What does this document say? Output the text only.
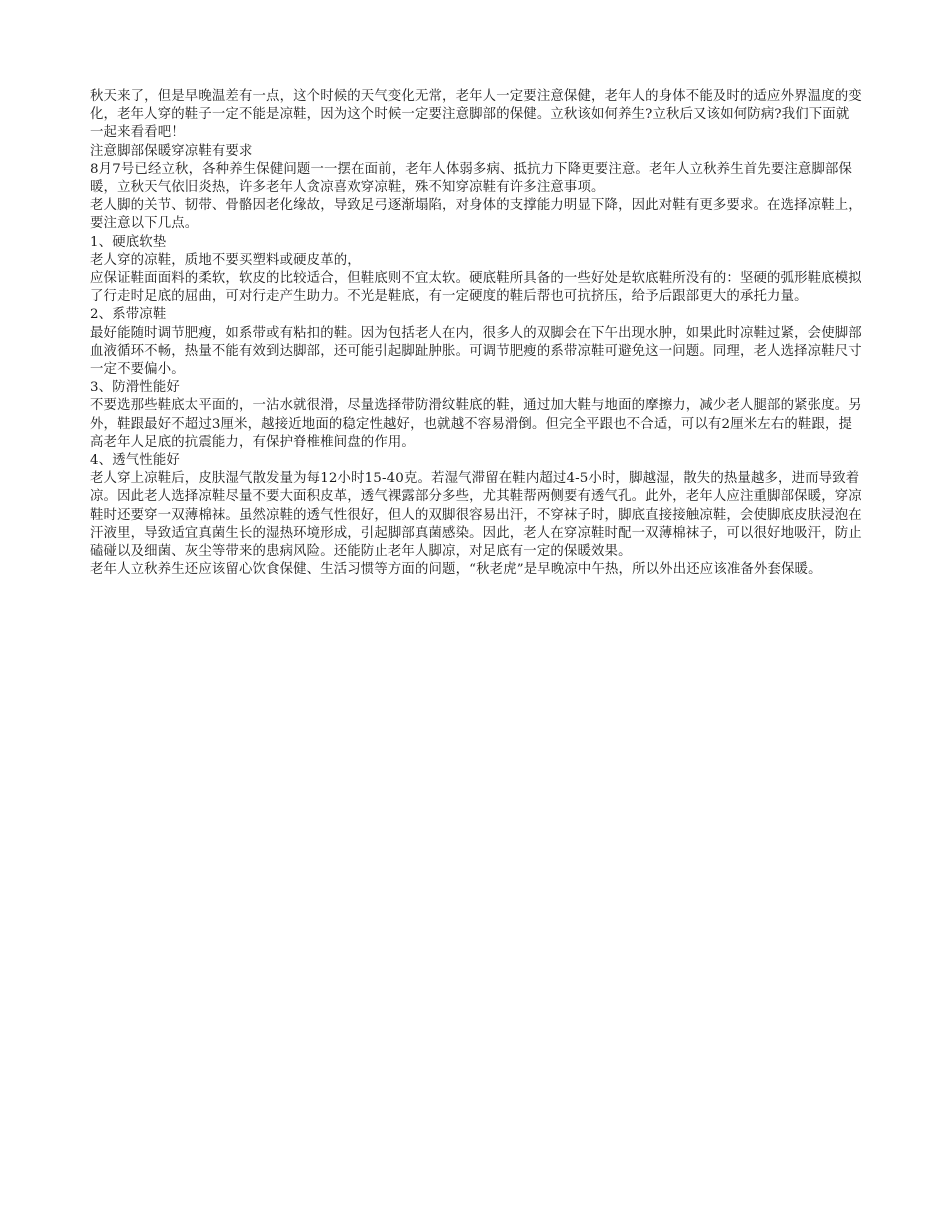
秋天来了，但是早晚温差有一点，这个时候的天气变化无常，老年人一定要注意保健，老年人的身体不能及时的适应外界温度的变化，老年人穿的鞋子一定不能是凉鞋，因为这个时候一定要注意脚部的保健。立秋该如何养生?立秋后又该如何防病?我们下面就一起来看看吧！

注意脚部保暖穿凉鞋有要求

8月7号已经立秋，各种养生保健问题一一摆在面前，老年人体弱多病、抵抗力下降更要注意。老年人立秋养生首先要注意脚部保暖，立秋天气依旧炎热，许多老年人贪凉喜欢穿凉鞋，殊不知穿凉鞋有许多注意事项。

老人脚的关节、韧带、骨骼因老化缘故，导致足弓逐渐塌陷，对身体的支撑能力明显下降，因此对鞋有更多要求。在选择凉鞋上，要注意以下几点。

1、硬底软垫

老人穿的凉鞋，质地不要买塑料或硬皮革的，

应保证鞋面面料的柔软，软皮的比较适合，但鞋底则不宜太软。硬底鞋所具备的一些好处是软底鞋所没有的：坚硬的弧形鞋底模拟了行走时足底的屈曲，可对行走产生助力。不光是鞋底，有一定硬度的鞋后帮也可抗挤压，给予后跟部更大的承托力量。

2、系带凉鞋

最好能随时调节肥瘦，如系带或有粘扣的鞋。因为包括老人在内，很多人的双脚会在下午出现水肿，如果此时凉鞋过紧，会使脚部血液循环不畅，热量不能有效到达脚部，还可能引起脚趾肿胀。可调节肥瘦的系带凉鞋可避免这一问题。同理，老人选择凉鞋尺寸一定不要偏小。

3、防滑性能好

不要选那些鞋底太平面的，一沾水就很滑，尽量选择带防滑纹鞋底的鞋，通过加大鞋与地面的摩擦力，减少老人腿部的紧张度。另外，鞋跟最好不超过3厘米，越接近地面的稳定性越好，也就越不容易滑倒。但完全平跟也不合适，可以有2厘米左右的鞋跟，提高老年人足底的抗震能力，有保护脊椎椎间盘的作用。

4、透气性能好

老人穿上凉鞋后，皮肤湿气散发量为每12小时15-40克。若湿气滞留在鞋内超过4-5小时，脚越湿，散失的热量越多，进而导致着凉。因此老人选择凉鞋尽量不要大面积皮革，透气裸露部分多些，尤其鞋帮两侧要有透气孔。此外，老年人应注重脚部保暖，穿凉鞋时还要穿一双薄棉袜。虽然凉鞋的透气性很好，但人的双脚很容易出汗，不穿袜子时，脚底直接接触凉鞋，会使脚底皮肤浸泡在汗液里，导致适宜真菌生长的湿热环境形成，引起脚部真菌感染。因此，老人在穿凉鞋时配一双薄棉袜子，可以很好地吸汗，防止磕碰以及细菌、灰尘等带来的患病风险。还能防止老年人脚凉，对足底有一定的保暖效果。

老年人立秋养生还应该留心饮食保健、生活习惯等方面的问题，“秋老虎”是早晚凉中午热，所以外出还应该准备外套保暖。
